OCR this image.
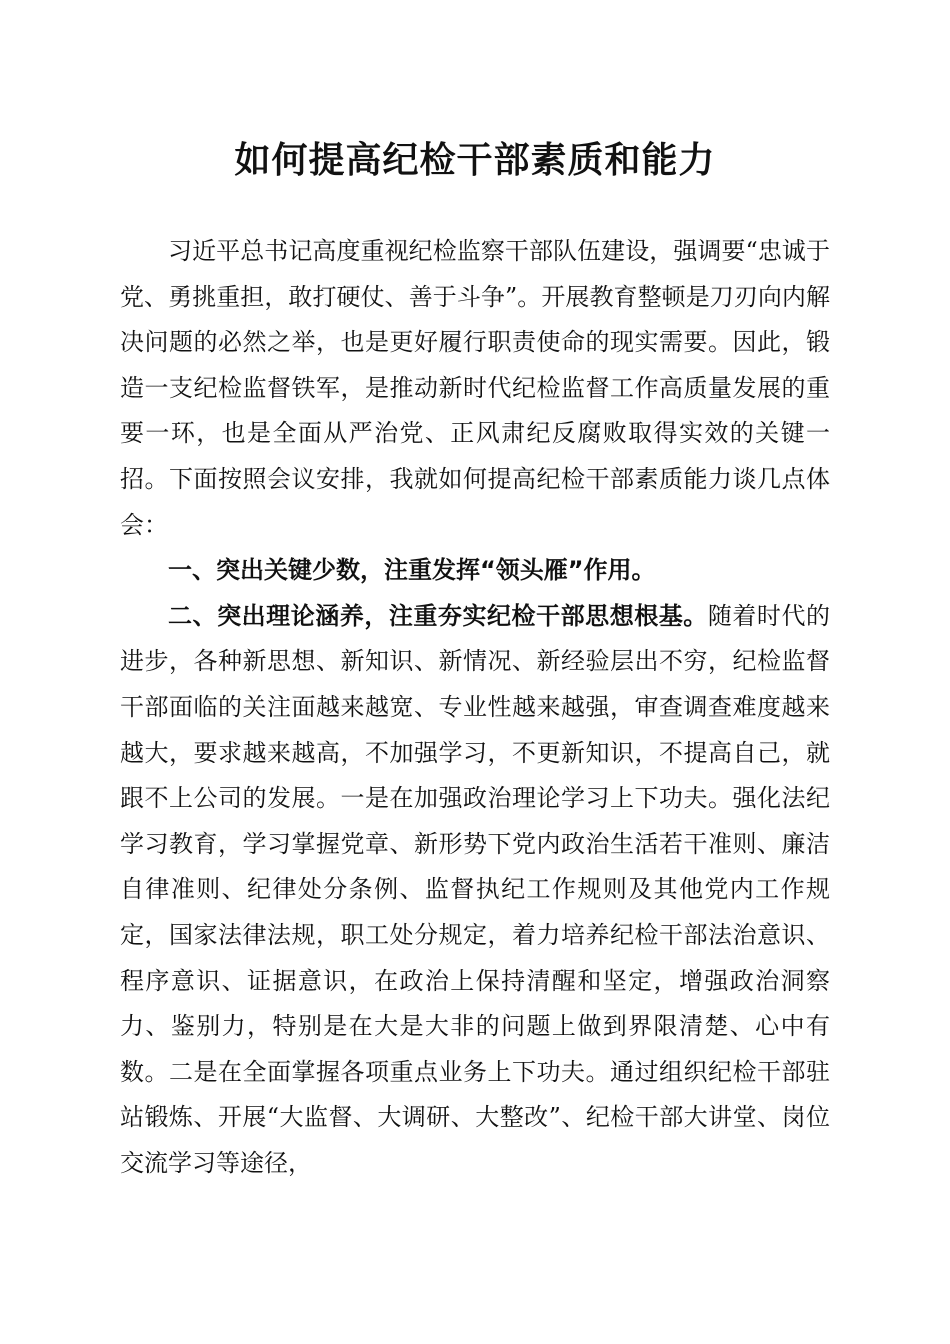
如何提高纪检干部素质和能力

习近平总书记高度重视纪检监察干部队伍建设，强调要“忠诚于党、勇挑重担，敢打硬仗、善于斗争”。开展教育整顿是刀刃向内解决问题的必然之举，也是更好履行职责使命的现实需要。因此，锻造一支纪检监督铁军，是推动新时代纪检监督工作高质量发展的重要一环，也是全面从严治党、正风肃纪反腐败取得实效的关键一招。下面按照会议安排，我就如何提高纪检干部素质能力谈几点体会：

一、突出关键少数，注重发挥“领头雁”作用。

二、突出理论涵养，注重夯实纪检干部思想根基。随着时代的进步，各种新思想、新知识、新情况、新经验层出不穷，纪检监督干部面临的关注面越来越宽、专业性越来越强，审查调查难度越来越大，要求越来越高，不加强学习，不更新知识，不提高自己，就跟不上公司的发展。一是在加强政治理论学习上下功夫。强化法纪学习教育，学习掌握党章、新形势下党内政治生活若干准则、廉洁自律准则、纪律处分条例、监督执纪工作规则及其他党内工作规定，国家法律法规，职工处分规定，着力培养纪检干部法治意识、程序意识、证据意识，在政治上保持清醒和坚定，增强政治洞察力、鉴别力，特别是在大是大非的问题上做到界限清楚、心中有数。二是在全面掌握各项重点业务上下功夫。通过组织纪检干部驻站锻炼、开展“大监督、大调研、大整改”、纪检干部大讲堂、岗位交流学习等途径，
